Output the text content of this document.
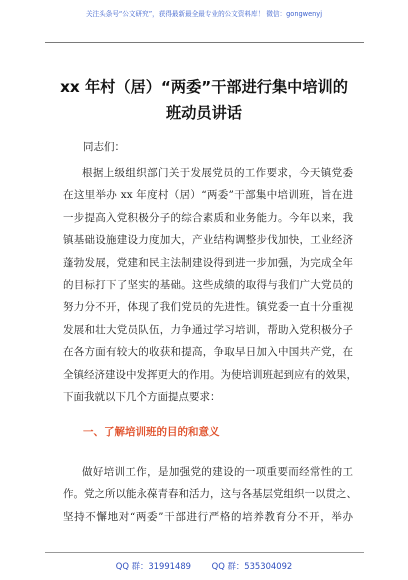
关注头条号“公文研究”，获得最新最全最专业的公文资料库！ 微信：gongwenyj
xx 年村（居）“两委”干部进行集中培训的
班动员讲话
同志们：
根据上级组织部门关于发展党员的工作要求，今天镇党委
在这里举办 xx 年度村（居）“两委”干部集中培训班，旨在进
一步提高入党积极分子的综合素质和业务能力。今年以来，我
镇基础设施建设力度加大，产业结构调整步伐加快，工业经济
蓬勃发展，党建和民主法制建设得到进一步加强，为完成全年
的目标打下了坚实的基础。这些成绩的取得与我们广大党员的
努力分不开，体现了我们党员的先进性。镇党委一直十分重视
发展和壮大党员队伍，力争通过学习培训，帮助入党积极分子
在各方面有较大的收获和提高，争取早日加入中国共产党，在
全镇经济建设中发挥更大的作用。为使培训班起到应有的效果，
下面我就以下几个方面提点要求：
一、了解培训班的目的和意义
做好培训工作，是加强党的建设的一项重要而经常性的工
作。党之所以能永葆青春和活力，这与各基层党组织一以贯之、
坚持不懈地对“两委”干部进行严格的培养教育分不开，举办
QQ 群：31991489 QQ 群：535304092
